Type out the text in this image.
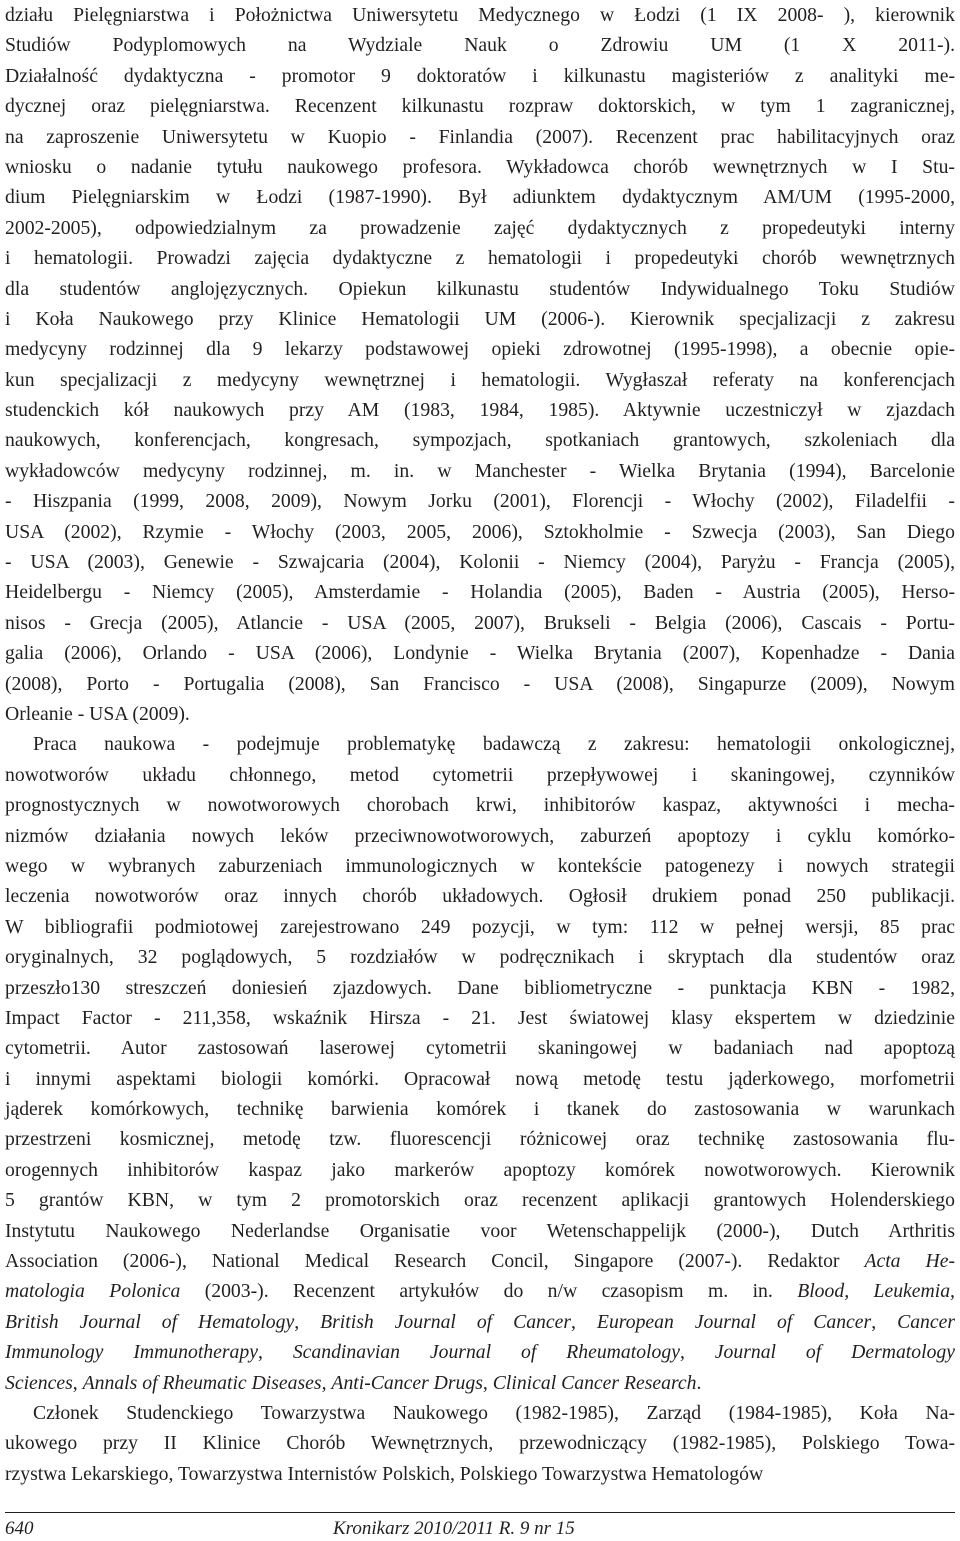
działu Pielęgniarstwa i Położnictwa Uniwersytetu Medycznego w Łodzi (1 IX 2008- ), kierownik
Studiów Podyplomowych na Wydziale Nauk o Zdrowiu UM (1 X 2011-).
Działalność dydaktyczna - promotor 9 doktoratów i kilkunastu magisteriów z analityki me-
dycznej oraz pielęgniarstwa. Recenzent kilkunastu rozpraw doktorskich, w tym 1 zagranicznej,
na zaproszenie Uniwersytetu w Kuopio - Finlandia (2007). Recenzent prac habilitacyjnych oraz
wniosku o nadanie tytułu naukowego profesora. Wykładowca chorób wewnętrznych w I Stu-
dium Pielęgniarskim w Łodzi (1987-1990). Był adiunktem dydaktycznym AM/UM (1995-2000,
2002-2005), odpowiedzialnym za prowadzenie zajęć dydaktycznych z propedeutyki interny
i hematologii. Prowadzi zajęcia dydaktyczne z hematologii i propedeutyki chorób wewnętrznych
dla studentów anglojęzycznych. Opiekun kilkunastu studentów Indywidualnego Toku Studiów
i Koła Naukowego przy Klinice Hematologii UM (2006-). Kierownik specjalizacji z zakresu
medycyny rodzinnej dla 9 lekarzy podstawowej opieki zdrowotnej (1995-1998), a obecnie opie-
kun specjalizacji z medycyny wewnętrznej i hematologii. Wygłaszał referaty na konferencjach
studenckich kół naukowych przy AM (1983, 1984, 1985). Aktywnie uczestniczył w zjazdach
naukowych, konferencjach, kongresach, sympozjach, spotkaniach grantowych, szkoleniach dla
wykładowców medycyny rodzinnej, m. in. w Manchester - Wielka Brytania (1994), Barcelonie
- Hiszpania (1999, 2008, 2009), Nowym Jorku (2001), Florencji - Włochy (2002), Filadelfii -
USA (2002), Rzymie - Włochy (2003, 2005, 2006), Sztokholmie - Szwecja (2003), San Diego
- USA (2003), Genewie - Szwajcaria (2004), Kolonii - Niemcy (2004), Paryżu - Francja (2005),
Heidelbergu - Niemcy (2005), Amsterdamie - Holandia (2005), Baden - Austria (2005), Herso-
nisos - Grecja (2005), Atlancie - USA (2005, 2007), Brukseli - Belgia (2006), Cascais - Portu-
galia (2006), Orlando - USA (2006), Londynie - Wielka Brytania (2007), Kopenhadze - Dania
(2008), Porto - Portugalia (2008), San Francisco - USA (2008), Singapurze (2009), Nowym
Orleanie - USA (2009).
Praca naukowa - podejmuje problematykę badawczą z zakresu: hematologii onkologicznej,
nowotworów układu chłonnego, metod cytometrii przepływowej i skaningowej, czynników
prognostycznych w nowotworowych chorobach krwi, inhibitorów kaspaz, aktywności i mecha-
nizmów działania nowych leków przeciwnowotworowych, zaburzeń apoptozy i cyklu komórko-
wego w wybranych zaburzeniach immunologicznych w kontekście patogenezy i nowych strategii
leczenia nowotworów oraz innych chorób układowych. Ogłosił drukiem ponad 250 publikacji.
W bibliografii podmiotowej zarejestrowano 249 pozycji, w tym: 112 w pełnej wersji, 85 prac
oryginalnych, 32 poglądowych, 5 rozdziałów w podręcznikach i skryptach dla studentów oraz
przeszło130 streszczeń doniesień zjazdowych. Dane bibliometryczne - punktacja KBN - 1982,
Impact Factor - 211,358, wskaźnik Hirsza - 21. Jest światowej klasy ekspertem w dziedzinie
cytometrii. Autor zastosowań laserowej cytometrii skaningowej w badaniach nad apoptozą
i innymi aspektami biologii komórki. Opracował nową metodę testu jąderkowego, morfometrii
jąderek komórkowych, technikę barwienia komórek i tkanek do zastosowania w warunkach
przestrzeni kosmicznej, metodę tzw. fluorescencji różnicowej oraz technikę zastosowania flu-
orogennych inhibitorów kaspaz jako markerów apoptozy komórek nowotworowych. Kierownik
5 grantów KBN, w tym 2 promotorskich oraz recenzent aplikacji grantowych Holenderskiego
Instytutu Naukowego Nederlandse Organisatie voor Wetenschappelijk (2000-), Dutch Arthritis
Association (2006-), National Medical Research Concil, Singapore (2007-). Redaktor Acta He-
matologia Polonica (2003-). Recenzent artykułów do n/w czasopism m. in. Blood, Leukemia,
British Journal of Hematology, British Journal of Cancer, European Journal of Cancer, Cancer
Immunology Immunotherapy, Scandinavian Journal of Rheumatology, Journal of Dermatology
Sciences, Annals of Rheumatic Diseases, Anti-Cancer Drugs, Clinical Cancer Research.
Członek Studenckiego Towarzystwa Naukowego (1982-1985), Zarząd (1984-1985), Koła Na-
ukowego przy II Klinice Chorób Wewnętrznych, przewodniczący (1982-1985), Polskiego Towa-
rzystwa Lekarskiego, Towarzystwa Internistów Polskich, Polskiego Towarzystwa Hematologów
640	Kronikarz 2010/2011 R. 9 nr 15
